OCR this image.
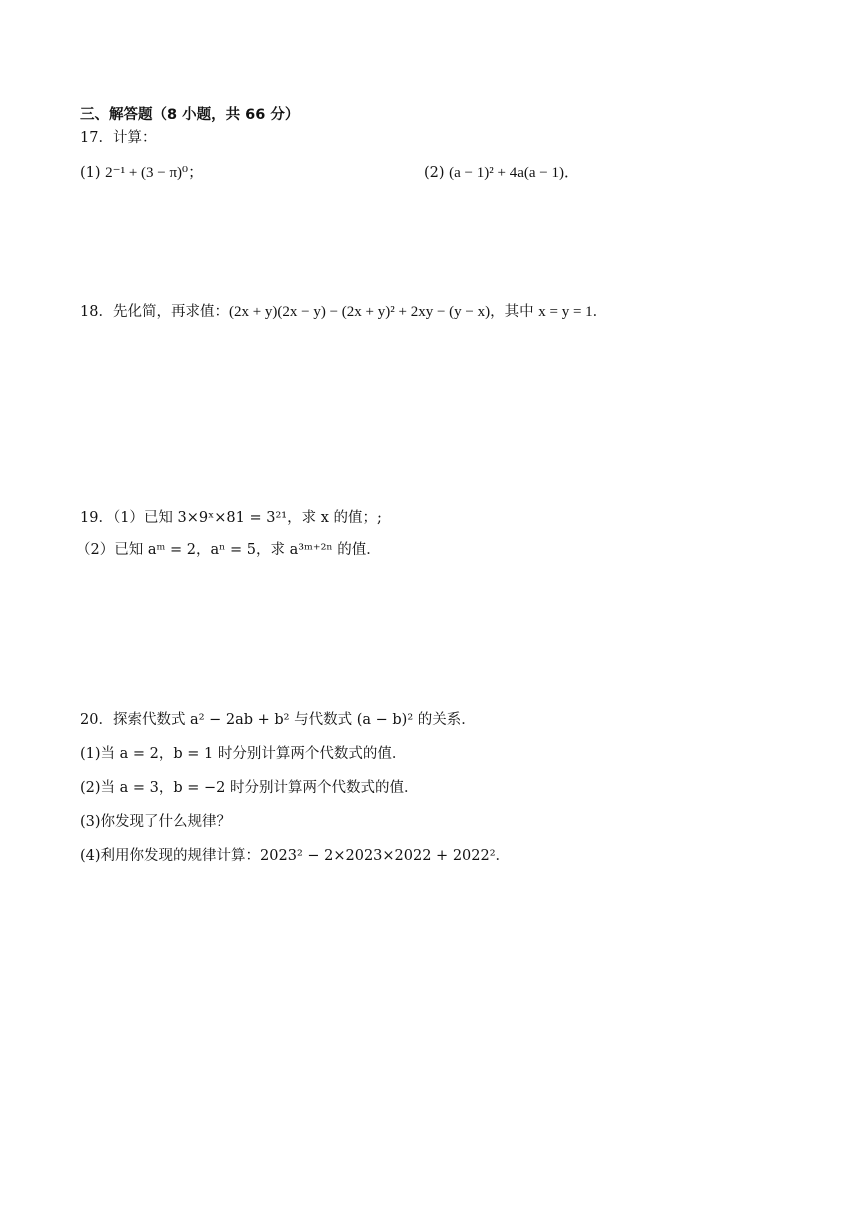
三、解答题（8 小题，共 66 分）
17．计算：
(1) 2⁻¹ + (3 − π)⁰；	(2) (a − 1)² + 4a(a − 1)．
18．先化简，再求值：(2x + y)(2x − y) − (2x + y)² + 2xy − (y − x)，其中 x = y = 1．
19．（1）已知 3×9ˣ×81 = 3²¹，求 x 的值；;
（2）已知 aᵐ = 2，aⁿ = 5，求 a³ᵐ⁺²ⁿ 的值．
20．探索代数式 a² − 2ab + b² 与代数式 (a − b)² 的关系．
(1)当 a = 2，b = 1 时分别计算两个代数式的值．
(2)当 a = 3，b = −2 时分别计算两个代数式的值．
(3)你发现了什么规律？
(4)利用你发现的规律计算：2023² − 2×2023×2022 + 2022²．
